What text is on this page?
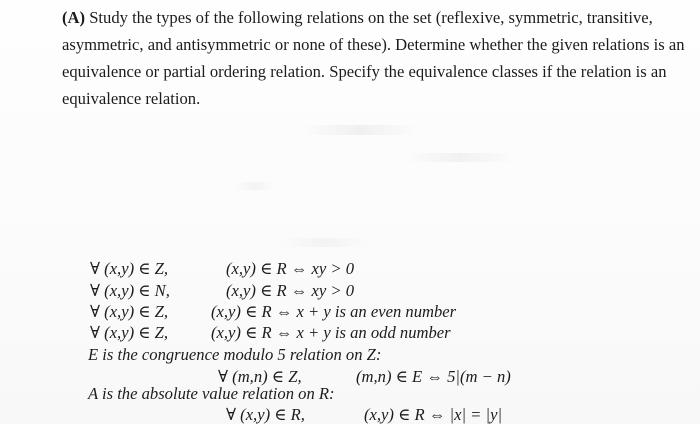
(A) Study the types of the following relations on the set (reflexive, symmetric, transitive,
asymmetric, and antisymmetric or none of these). Determine whether the given relations is an
equivalence or partial ordering relation. Specify the equivalence classes if the relation is an
equivalence relation.
∀ (x,y) ∈ Z,	(x,y) ∈ R ⇔ xy > 0
∀ (x,y) ∈ N,	(x,y) ∈ R ⇔ xy > 0
∀ (x,y) ∈ Z,	(x,y) ∈ R ⇔ x + y is an even number
∀ (x,y) ∈ Z,	(x,y) ∈ R ⇔ x + y is an odd number
E is the congruence modulo 5 relation on Z:
∀ (m,n) ∈ Z,	(m,n) ∈ E ⇔ 5|(m − n)
A is the absolute value relation on R:
∀ (x,y) ∈ R,	(x,y) ∈ R ⇔ |x| = |y|
